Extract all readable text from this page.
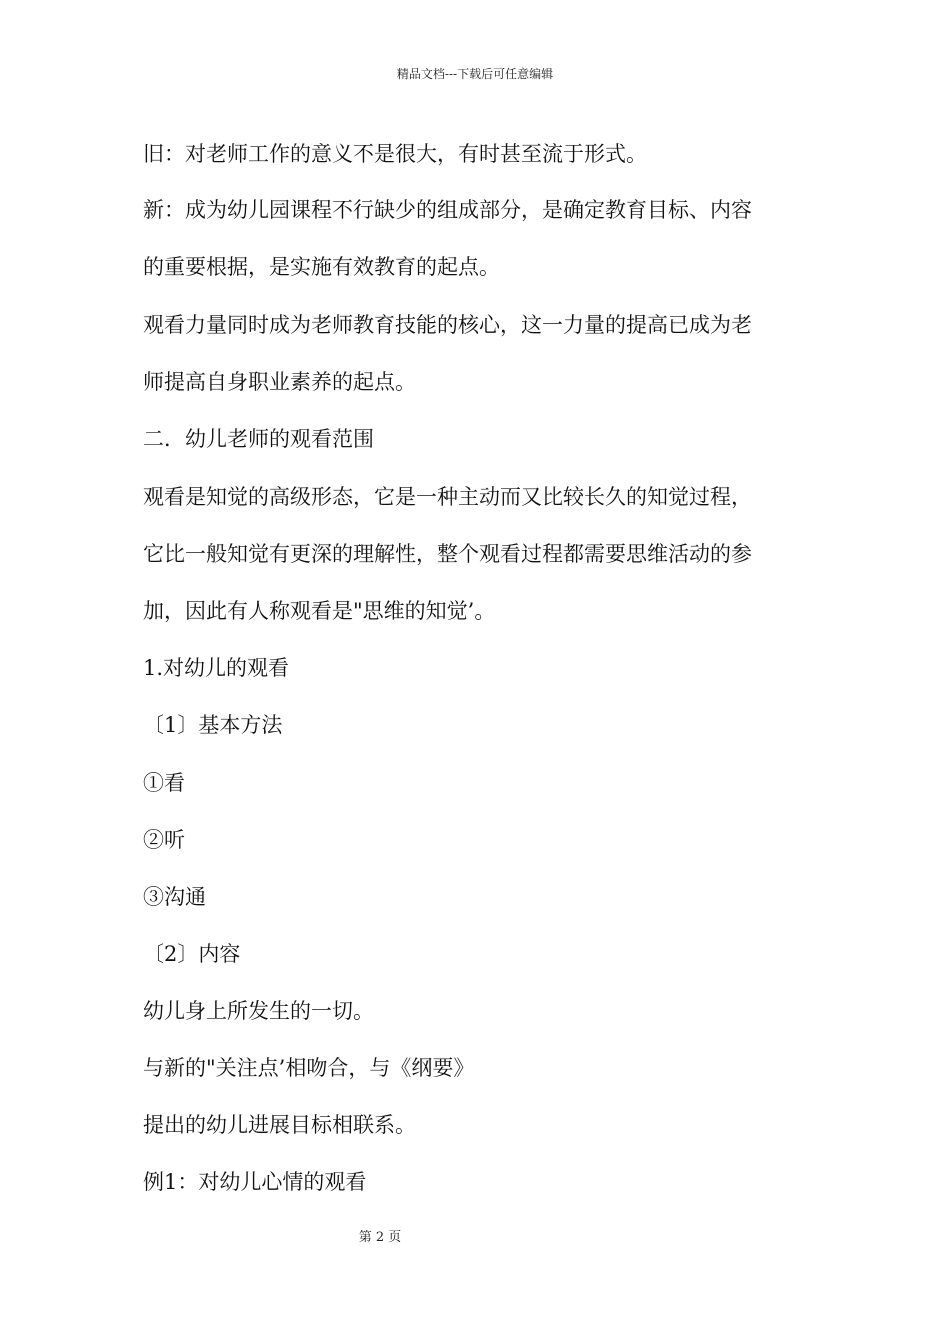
精品文档---下载后可任意编辑
旧：对老师工作的意义不是很大，有时甚至流于形式。
新：成为幼儿园课程不行缺少的组成部分，是确定教育目标、内容
的重要根据，是实施有效教育的起点。
观看力量同时成为老师教育技能的核心，这一力量的提高已成为老
师提高自身职业素养的起点。
二．幼儿老师的观看范围
观看是知觉的高级形态，它是一种主动而又比较长久的知觉过程，
它比一般知觉有更深的理解性，整个观看过程都需要思维活动的参
加，因此有人称观看是"思维的知觉’。
1.对幼儿的观看
〔1〕基本方法
①看
②听
③沟通
〔2〕内容
幼儿身上所发生的一切。
与新的"关注点’相吻合，与《纲要》
提出的幼儿进展目标相联系。
例1：对幼儿心情的观看
第 2 页
